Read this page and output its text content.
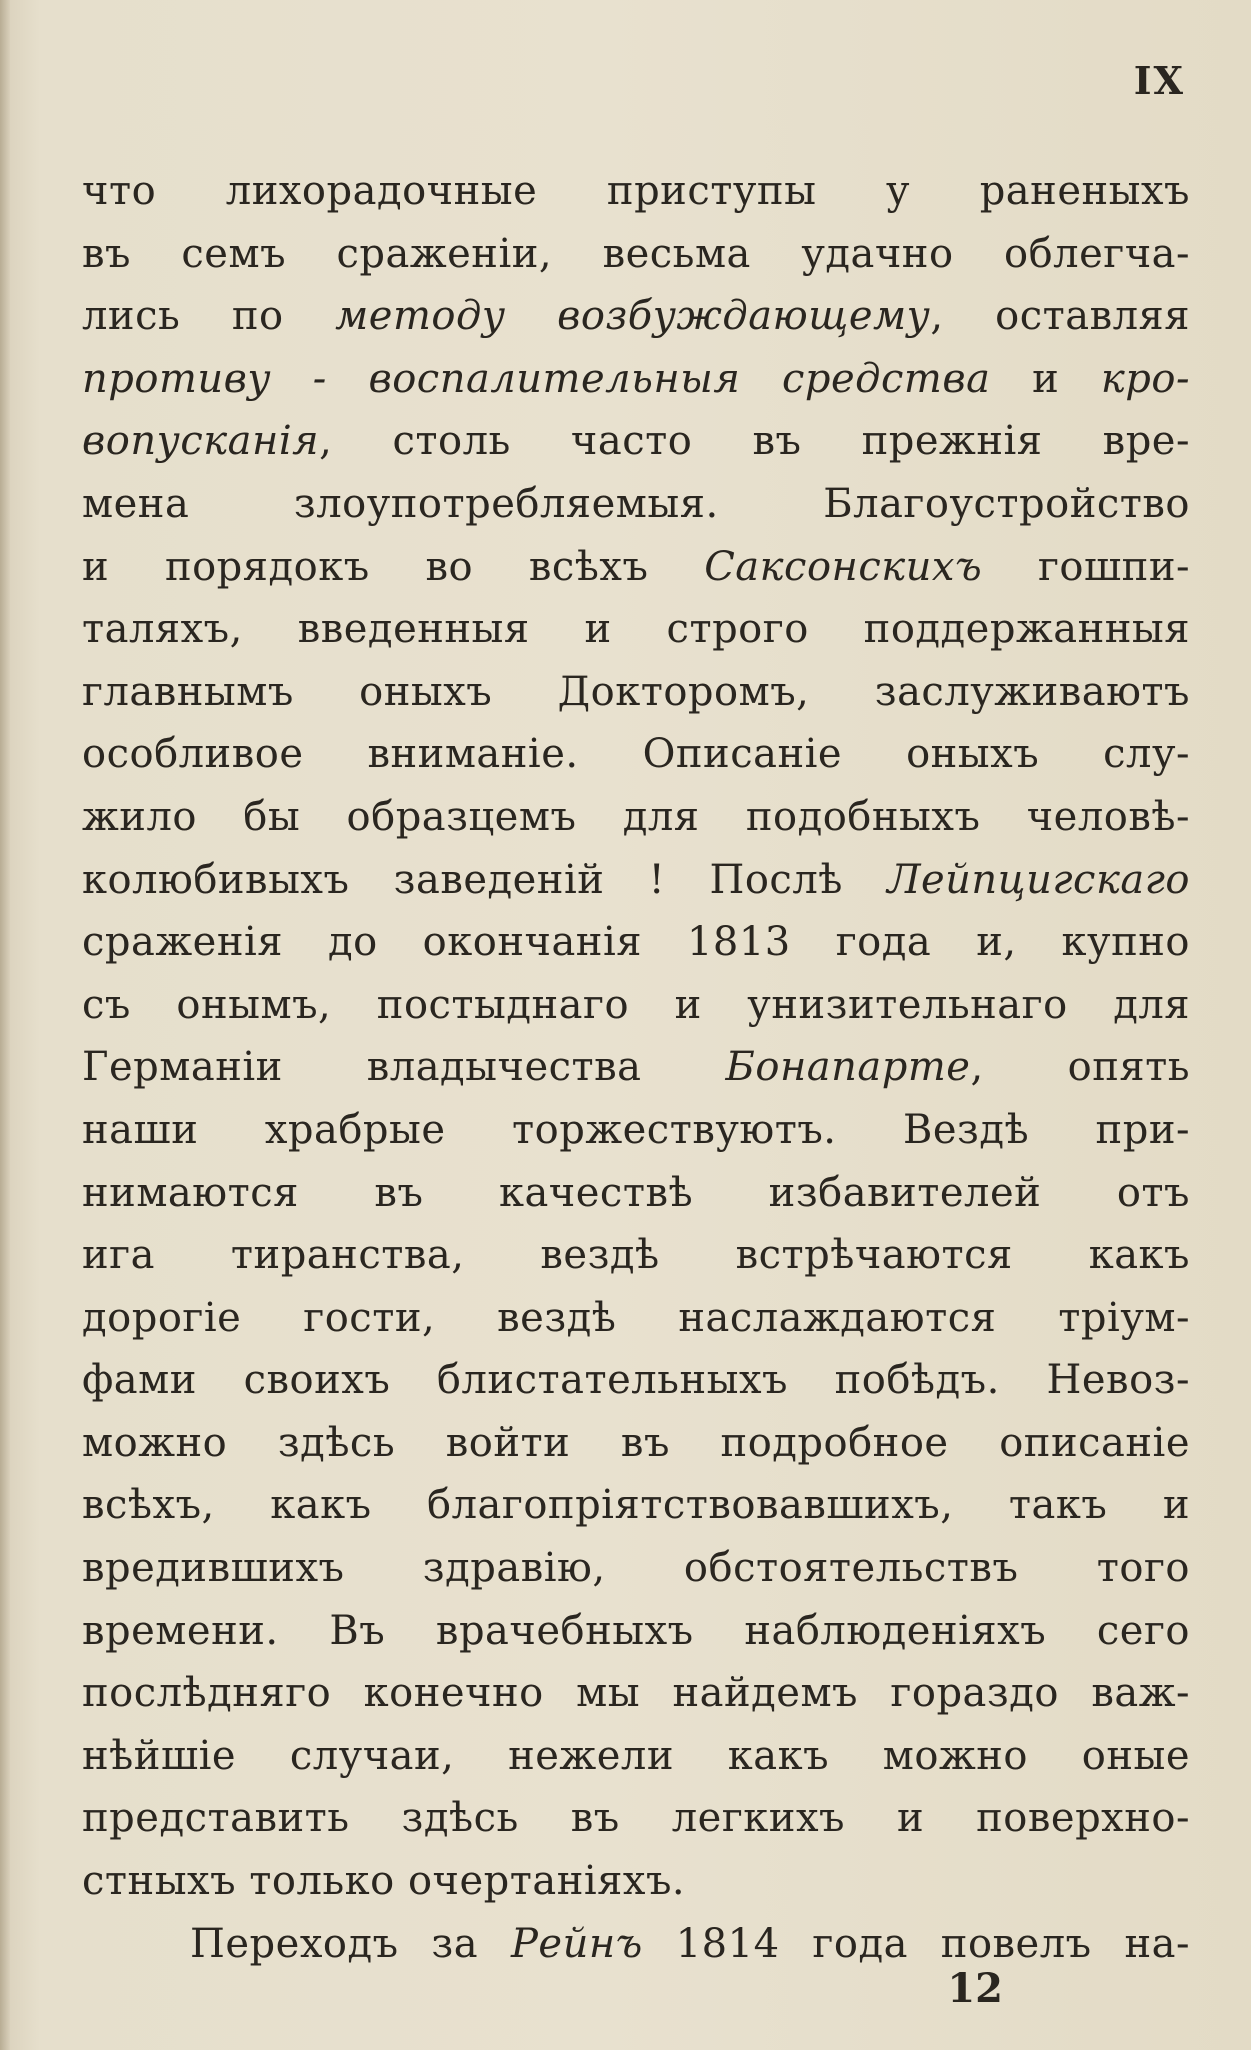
IX
что лихорадочные приступы у раненыхъ
въ семъ сраженіи, весьма удачно облегча-
лись по методу возбуждающему, оставляя
противу - воспалительныя средства и кро-
вопусканія, столь часто въ прежнія вре-
мена злоупотребляемыя. Благоустройство
и порядокъ во всѣхъ Саксонскихъ гошпи-
таляхъ, введенныя и строго поддержанныя
главнымъ оныхъ Докторомъ, заслуживаютъ
особливое вниманіе. Описаніе оныхъ слу-
жило бы образцемъ для подобныхъ человѣ-
колюбивыхъ заведеній ! Послѣ Лейпцигскаго
сраженія до окончанія 1813 года и, купно
съ онымъ, постыднаго и унизительнаго для
Германіи владычества Бонапарте, опять
наши храбрые торжествуютъ. Вездѣ при-
нимаются въ качествѣ избавителей отъ
ига тиранства, вездѣ встрѣчаются какъ
дорогіе гости, вездѣ наслаждаются тріум-
фами своихъ блистательныхъ побѣдъ. Невоз-
можно здѣсь войти въ подробное описаніе
всѣхъ, какъ благопріятствовавшихъ, такъ и
вредившихъ здравію, обстоятельствъ того
времени. Въ врачебныхъ наблюденіяхъ сего
послѣдняго конечно мы найдемъ гораздо важ-
нѣйшіе случаи, нежели какъ можно оные
представить здѣсь въ легкихъ и поверхно-
стныхъ только очертаніяхъ.
Переходъ за Рейнъ 1814 года повелъ на-
12
